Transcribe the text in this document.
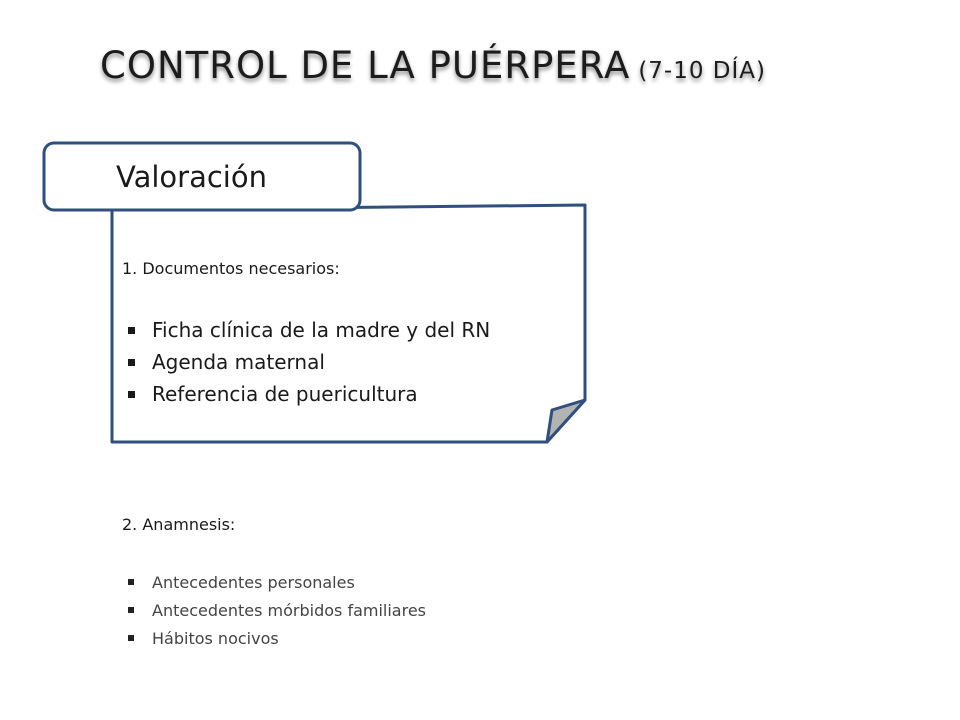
CONTROL DE LA PUÉRPERA (7-10 DÍA)
Valoración
1. Documentos necesarios:
Ficha clínica de la madre y del RN
Agenda maternal
Referencia de puericultura
2. Anamnesis:
Antecedentes personales
Antecedentes mórbidos familiares
Hábitos nocivos
